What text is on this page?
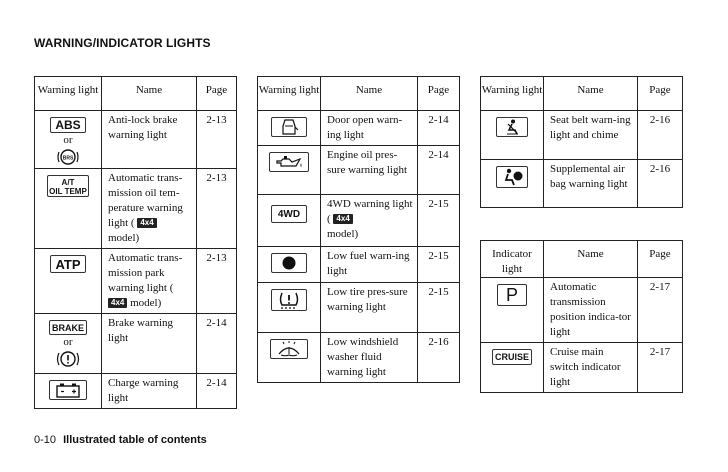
WARNING/INDICATOR LIGHTS
Warning light	Name	Page

ABS
or
BRS	Anti-lock brake warning light	2-13

A/T
OIL TEMP	Automatic trans-mission oil tem-perature warning light ( 4x4
model)	2-13

ATP	Automatic trans-mission park warning light ( 4x4 model)	2-13

BRAKE
or	Brake warning light	2-14

	Charge warning light	2-14
Warning light	Name	Page

	Door open warn-ing light	2-14

	Engine oil pres-sure warning light	2-14

4WD	4WD warning light ( 4x4
model)	2-15

	Low fuel warn-ing light	2-15

	Low tire pres-sure warning light	2-15

	Low windshield washer fluid warning light	2-16
Warning light	Name	Page

	Seat belt warn-ing light and chime	2-16

	Supplemental air bag warning light	2-16
Indicator light	Name	Page

P	Automatic transmission position indica-tor light	2-17

CRUISE	Cruise main switch indicator light	2-17
0-10 Illustrated table of contents
